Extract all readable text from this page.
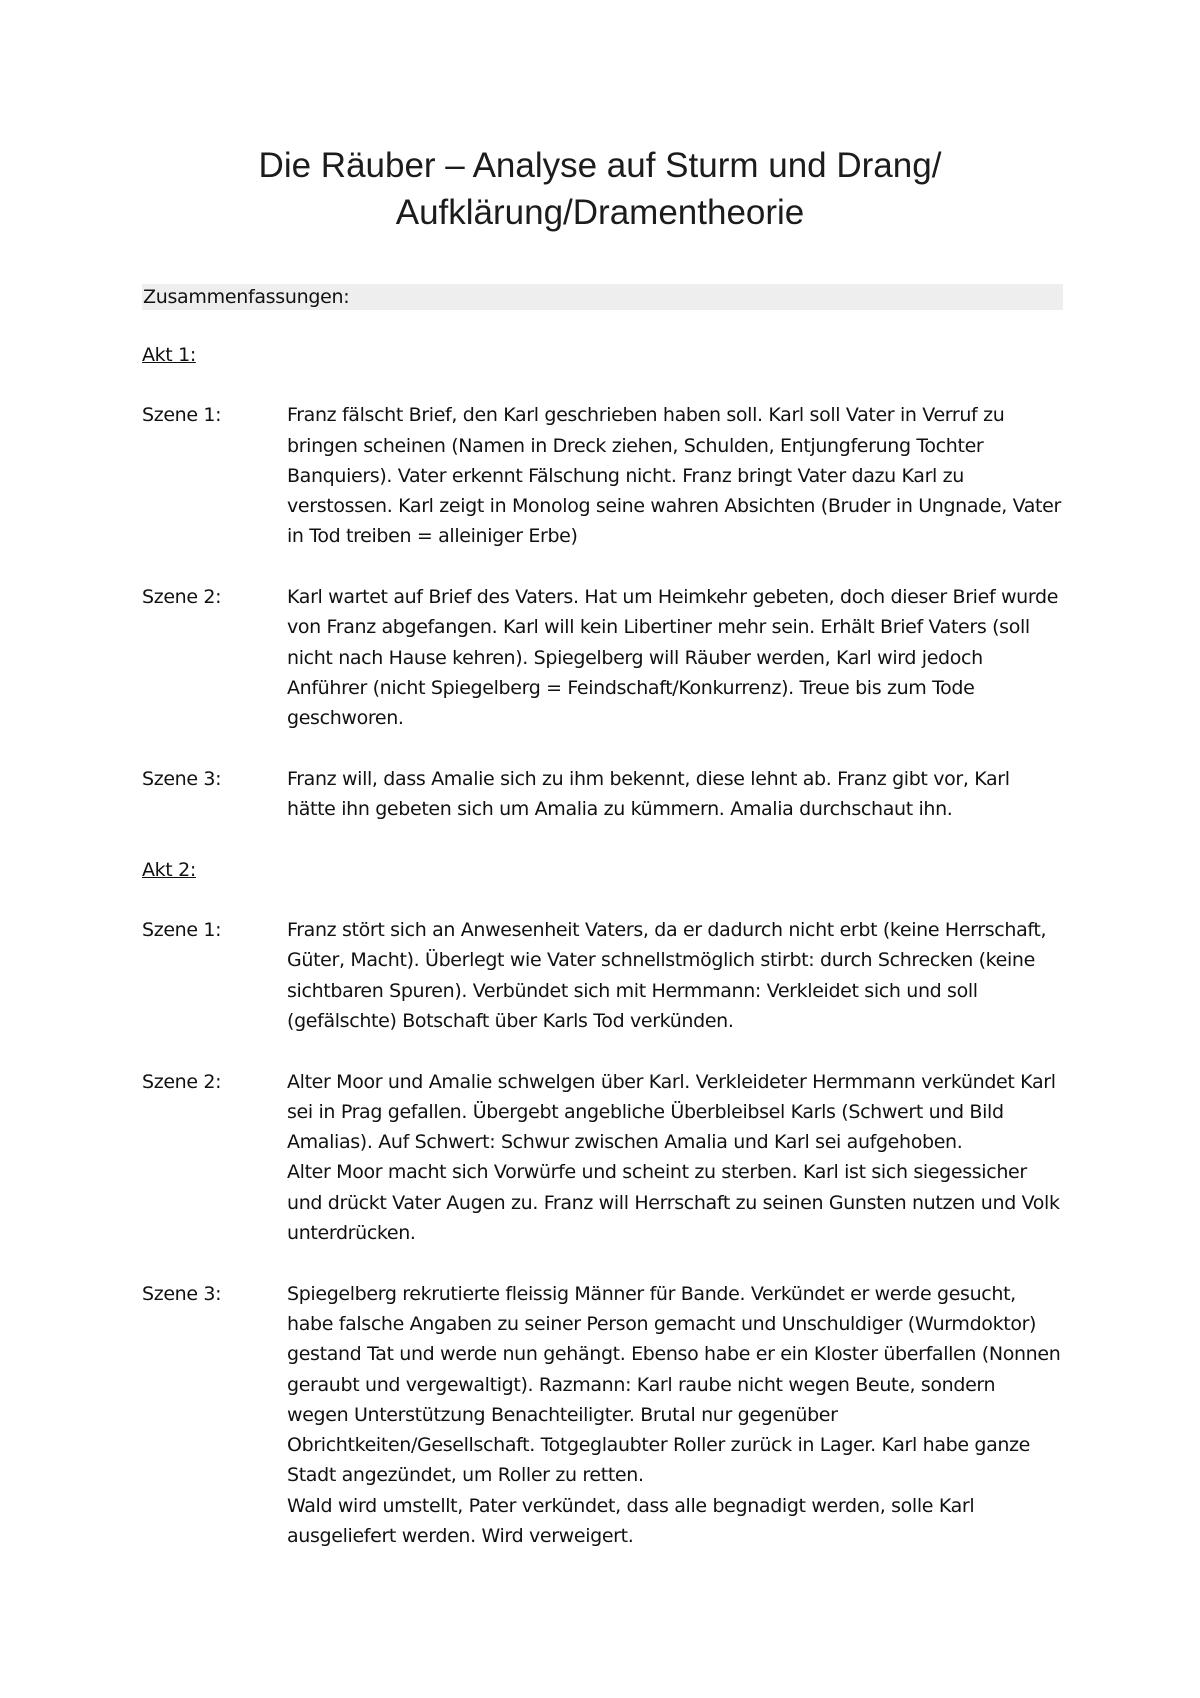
Die Räuber – Analyse auf Sturm und Drang/
Aufklärung/Dramentheorie
Zusammenfassungen:
Akt 1:
Szene 1:	Franz fälscht Brief, den Karl geschrieben haben soll. Karl soll Vater in Verruf zu bringen scheinen (Namen in Dreck ziehen, Schulden, Entjungferung Tochter Banquiers). Vater erkennt Fälschung nicht. Franz bringt Vater dazu Karl zu verstossen. Karl zeigt in Monolog seine wahren Absichten (Bruder in Ungnade, Vater in Tod treiben = alleiniger Erbe)

Szene 2:	Karl wartet auf Brief des Vaters. Hat um Heimkehr gebeten, doch dieser Brief wurde von Franz abgefangen. Karl will kein Libertiner mehr sein. Erhält Brief Vaters (soll nicht nach Hause kehren). Spiegelberg will Räuber werden, Karl wird jedoch Anführer (nicht Spiegelberg = Feindschaft/Konkurrenz). Treue bis zum Tode geschworen.

Szene 3:	Franz will, dass Amalie sich zu ihm bekennt, diese lehnt ab. Franz gibt vor, Karl hätte ihn gebeten sich um Amalia zu kümmern. Amalia durchschaut ihn.

Akt 2:
Szene 1:	Franz stört sich an Anwesenheit Vaters, da er dadurch nicht erbt (keine Herrschaft, Güter, Macht). Überlegt wie Vater schnellstmöglich stirbt: durch Schrecken (keine sichtbaren Spuren). Verbündet sich mit Hermmann: Verkleidet sich und soll (gefälschte) Botschaft über Karls Tod verkünden.

Szene 2:	Alter Moor und Amalie schwelgen über Karl. Verkleideter Hermmann verkündet Karl sei in Prag gefallen. Übergebt angebliche Überbleibsel Karls (Schwert und Bild Amalias). Auf Schwert: Schwur zwischen Amalia und Karl sei aufgehoben.

Alter Moor macht sich Vorwürfe und scheint zu sterben. Karl ist sich siegessicher und drückt Vater Augen zu. Franz will Herrschaft zu seinen Gunsten nutzen und Volk unterdrücken.

Szene 3:	Spiegelberg rekrutierte fleissig Männer für Bande. Verkündet er werde gesucht, habe falsche Angaben zu seiner Person gemacht und Unschuldiger (Wurmdoktor) gestand Tat und werde nun gehängt. Ebenso habe er ein Kloster überfallen (Nonnen geraubt und vergewaltigt). Razmann: Karl raube nicht wegen Beute, sondern wegen Unterstützung Benachteiligter. Brutal nur gegenüber Obrichtkeiten/Gesellschaft. Totgeglaubter Roller zurück in Lager. Karl habe ganze Stadt angezündet, um Roller zu retten.

Wald wird umstellt, Pater verkündet, dass alle begnadigt werden, solle Karl ausgeliefert werden. Wird verweigert.
